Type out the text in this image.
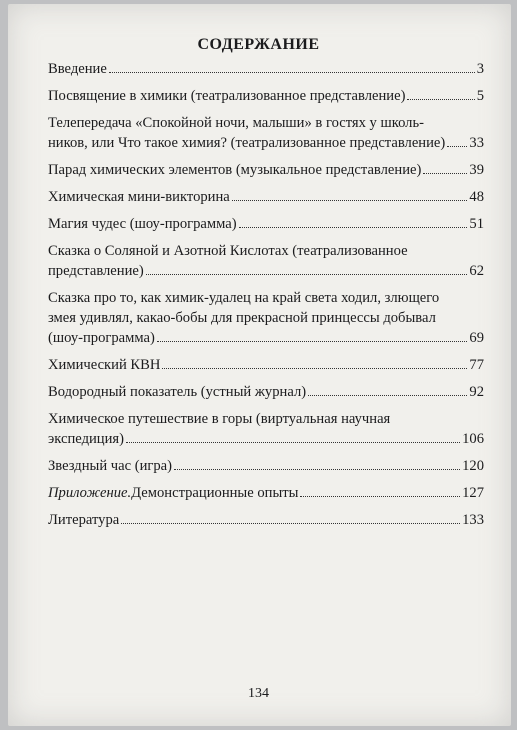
СОДЕРЖАНИЕ
Введение	3
Посвящение в химики (театрализованное представление)	5
Телепередача «Спокойной ночи, малыши» в гостях у школь-
ников, или Что такое химия? (театрализованное представление) 33
Парад химических элементов (музыкальное представление)	39
Химическая мини-викторина	48
Магия чудес (шоу-программа)	51
Сказка о Соляной и Азотной Кислотах (театрализованное
представление)	62
Сказка про то, как химик-удалец на край света ходил, злющего
змея удивлял, какао-бобы для прекрасной принцессы добывал
(шоу-программа)	69
Химический КВН	77
Водородный показатель (устный журнал)	92
Химическое путешествие в горы (виртуальная научная
экспедиция)	106
Звездный час (игра)	120
Приложение. Демонстрационные опыты	127
Литература	133
134
